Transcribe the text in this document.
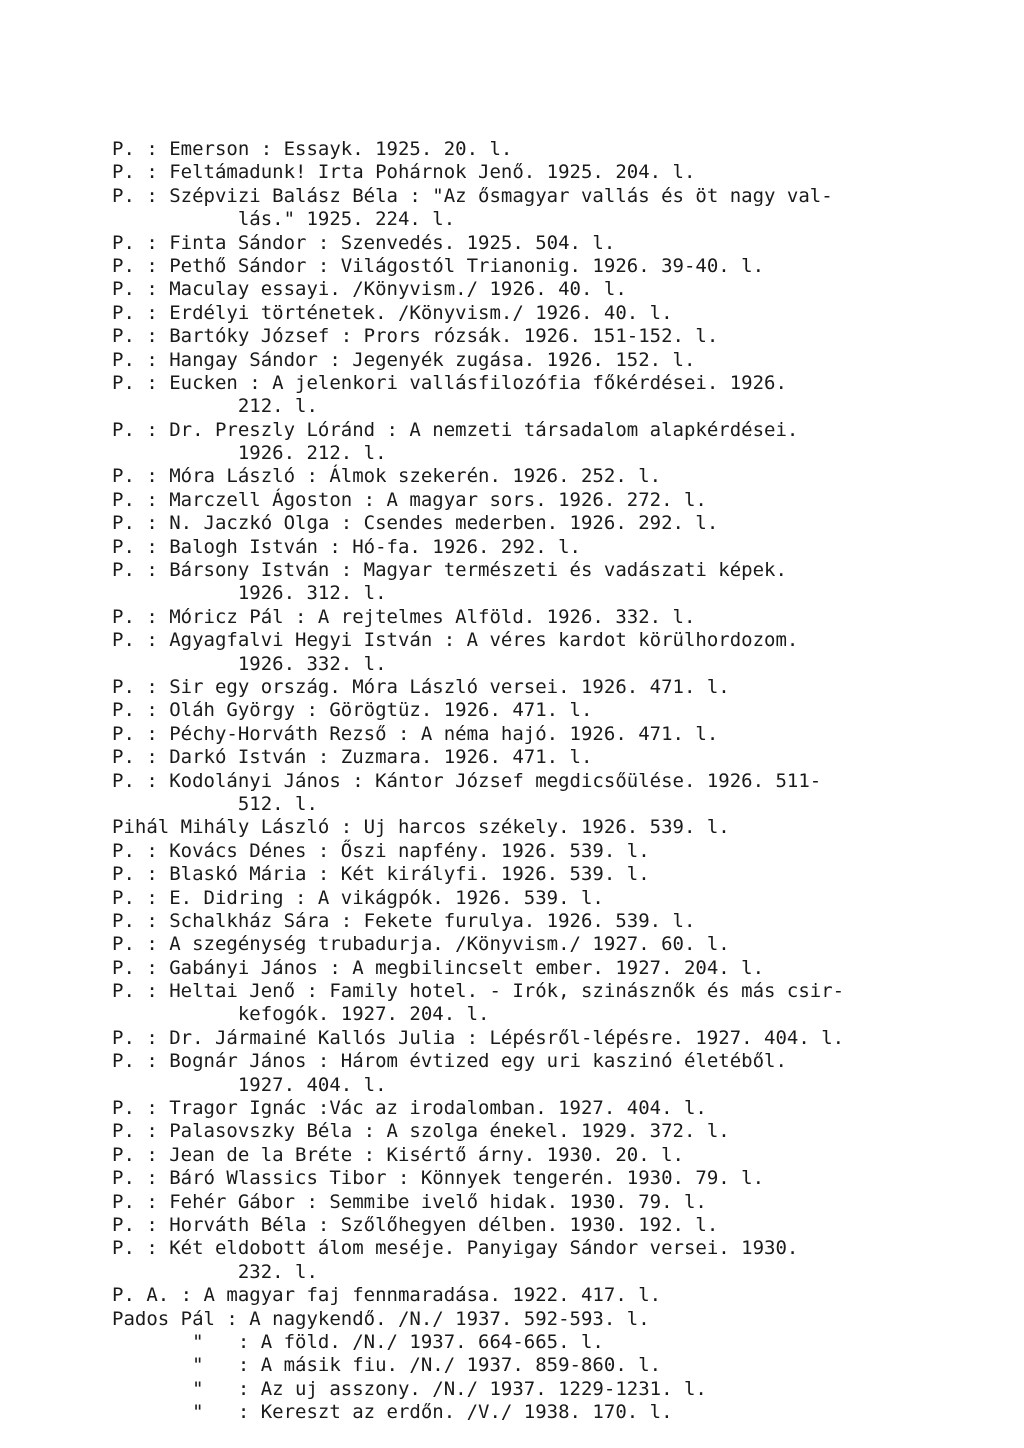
P. : Emerson : Essayk. 1925. 20. l.
P. : Feltámadunk! Irta Pohárnok Jenő. 1925. 204. l.
P. : Szépvizi Balász Béla : "Az ősmagyar vallás és öt nagy val-
lás." 1925. 224. l.
P. : Finta Sándor : Szenvedés. 1925. 504. l.
P. : Pethő Sándor : Világostól Trianonig. 1926. 39-40. l.
P. : Maculay essayi. /Könyvism./ 1926. 40. l.
P. : Erdélyi történetek. /Könyvism./ 1926. 40. l.
P. : Bartóky József : Prors rózsák. 1926. 151-152. l.
P. : Hangay Sándor : Jegenyék zugása. 1926. 152. l.
P. : Eucken : A jelenkori vallásfilozófia főkérdései. 1926.
212. l.
P. : Dr. Preszly Lóránd : A nemzeti társadalom alapkérdései.
1926. 212. l.
P. : Móra László : Álmok szekerén. 1926. 252. l.
P. : Marczell Ágoston : A magyar sors. 1926. 272. l.
P. : N. Jaczkó Olga : Csendes mederben. 1926. 292. l.
P. : Balogh István : Hó-fa. 1926. 292. l.
P. : Bársony István : Magyar természeti és vadászati képek.
1926. 312. l.
P. : Móricz Pál : A rejtelmes Alföld. 1926. 332. l.
P. : Agyagfalvi Hegyi István : A véres kardot körülhordozom.
1926. 332. l.
P. : Sir egy ország. Móra László versei. 1926. 471. l.
P. : Oláh György : Görögtüz. 1926. 471. l.
P. : Péchy-Horváth Rezső : A néma hajó. 1926. 471. l.
P. : Darkó István : Zuzmara. 1926. 471. l.
P. : Kodolányi János : Kántor József megdicsőülése. 1926. 511-
512. l.
Pihál Mihály László : Uj harcos székely. 1926. 539. l.
P. : Kovács Dénes : Őszi napfény. 1926. 539. l.
P. : Blaskó Mária : Két királyfi. 1926. 539. l.
P. : E. Didring : A vikágpók. 1926. 539. l.
P. : Schalkház Sára : Fekete furulya. 1926. 539. l.
P. : A szegénység trubadurja. /Könyvism./ 1927. 60. l.
P. : Gabányi János : A megbilincselt ember. 1927. 204. l.
P. : Heltai Jenő : Family hotel. - Irók, szinásznők és más csir-
kefogók. 1927. 204. l.
P. : Dr. Jármainé Kallós Julia : Lépésről-lépésre. 1927. 404. l.
P. : Bognár János : Három évtized egy uri kaszinó életéből.
1927. 404. l.
P. : Tragor Ignác :Vác az irodalomban. 1927. 404. l.
P. : Palasovszky Béla : A szolga énekel. 1929. 372. l.
P. : Jean de la Bréte : Kisértő árny. 1930. 20. l.
P. : Báró Wlassics Tibor : Könnyek tengerén. 1930. 79. l.
P. : Fehér Gábor : Semmibe ivelő hidak. 1930. 79. l.
P. : Horváth Béla : Szőlőhegyen délben. 1930. 192. l.
P. : Két eldobott álom meséje. Panyigay Sándor versei. 1930.
232. l.
P. A. : A magyar faj fennmaradása. 1922. 417. l.
Pados Pál : A nagykendő. /N./ 1937. 592-593. l.
"   : A föld. /N./ 1937. 664-665. l.
"   : A másik fiu. /N./ 1937. 859-860. l.
"   : Az uj asszony. /N./ 1937. 1229-1231. l.
"   : Kereszt az erdőn. /V./ 1938. 170. l.
